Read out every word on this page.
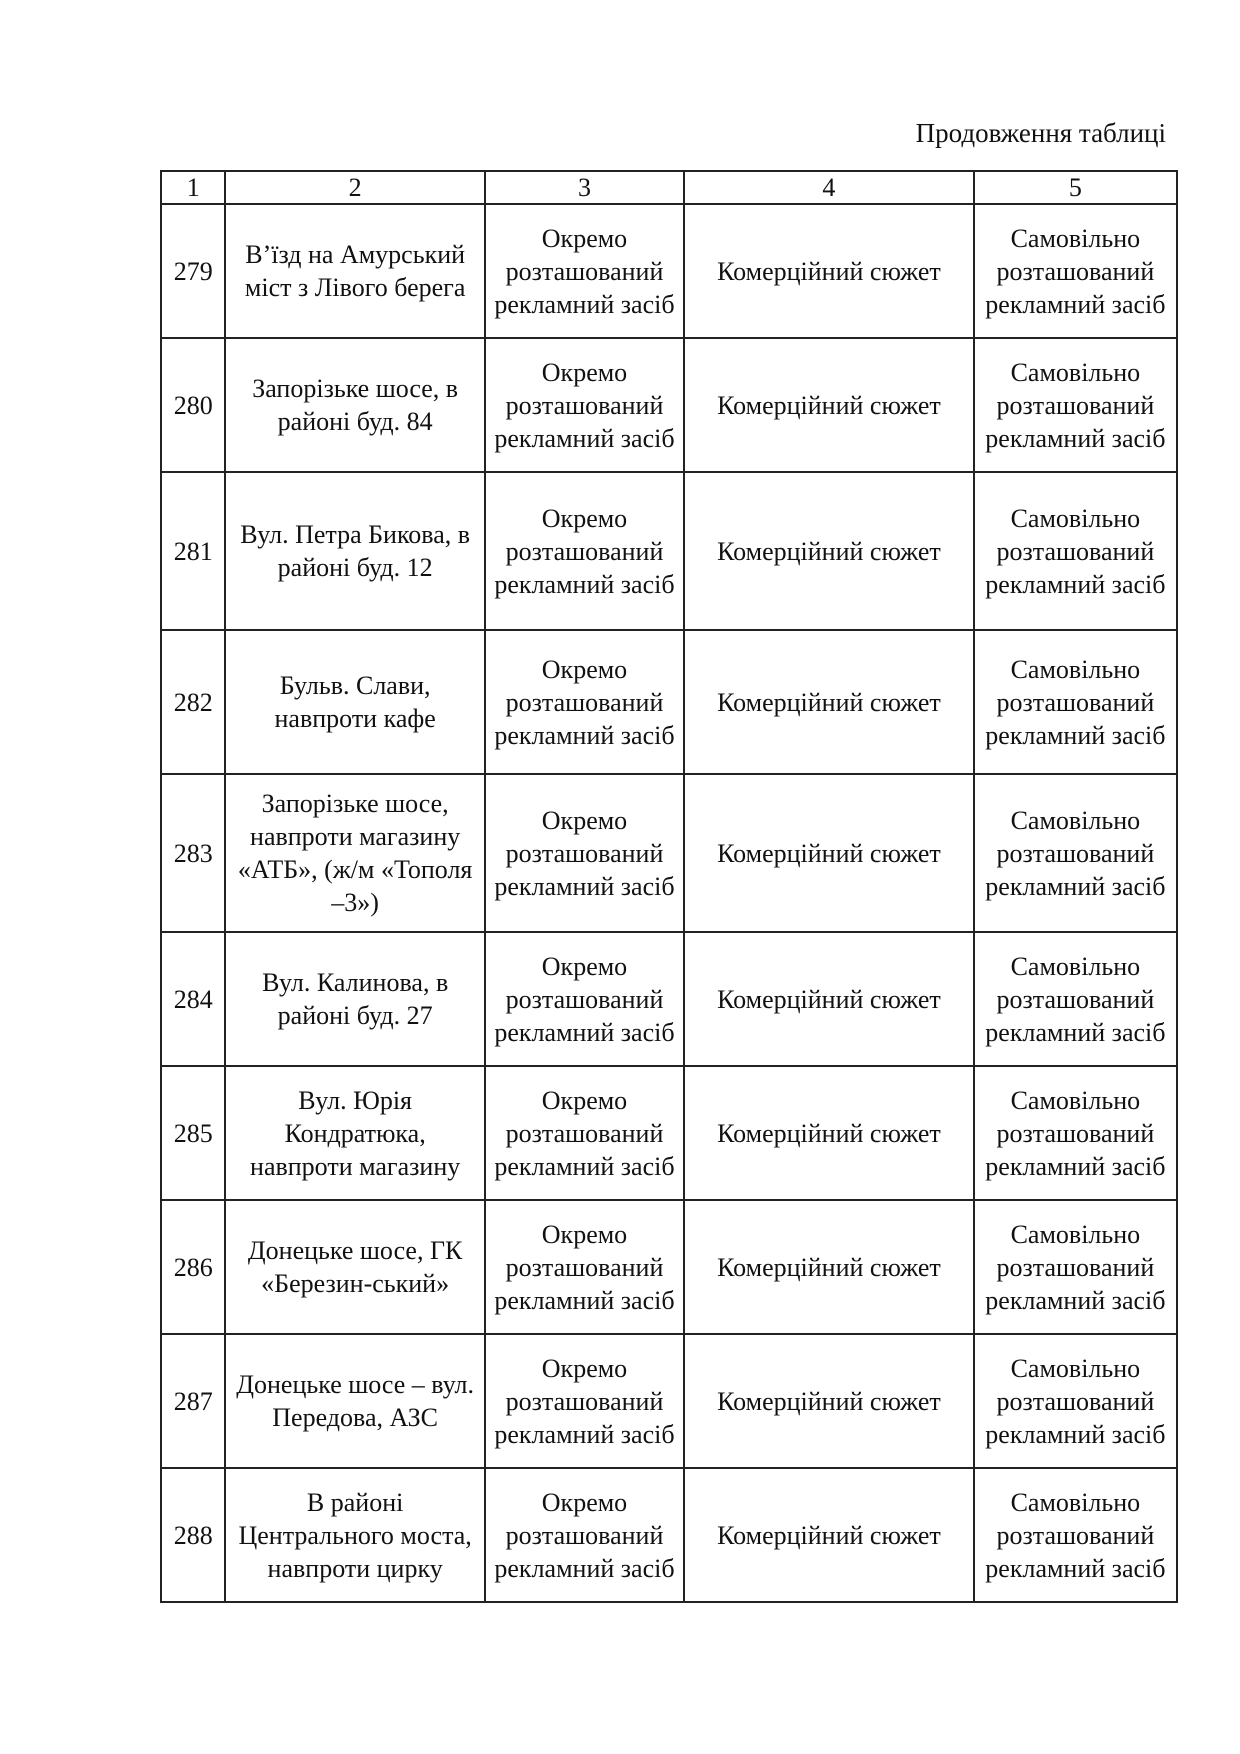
Продовження таблиці
1	2	3	4	5
279	В’їзд на Амурський міст з Лівого берега	Окремо розташований рекламний засіб	Комерційний сюжет	Самовільно розташований рекламний засіб
280	Запорізьке шосе, в районі буд. 84	Окремо розташований рекламний засіб	Комерційний сюжет	Самовільно розташований рекламний засіб
281	Вул. Петра Бикова, в районі буд. 12	Окремо розташований рекламний засіб	Комерційний сюжет	Самовільно розташований рекламний засіб
282	Бульв. Слави, навпроти кафе	Окремо розташований рекламний засіб	Комерційний сюжет	Самовільно розташований рекламний засіб
283	Запорізьке шосе, навпроти магазину «АТБ», (ж/м «Тополя –3»)	Окремо розташований рекламний засіб	Комерційний сюжет	Самовільно розташований рекламний засіб
284	Вул. Калинова, в районі буд. 27	Окремо розташований рекламний засіб	Комерційний сюжет	Самовільно розташований рекламний засіб
285	Вул. Юрія Кондратюка, навпроти магазину	Окремо розташований рекламний засіб	Комерційний сюжет	Самовільно розташований рекламний засіб
286	Донецьке шосе, ГК «Березин-ський»	Окремо розташований рекламний засіб	Комерційний сюжет	Самовільно розташований рекламний засіб
287	Донецьке шосе – вул. Передова, АЗС	Окремо розташований рекламний засіб	Комерційний сюжет	Самовільно розташований рекламний засіб
288	В районі Центрального моста, навпроти цирку	Окремо розташований рекламний засіб	Комерційний сюжет	Самовільно розташований рекламний засіб
